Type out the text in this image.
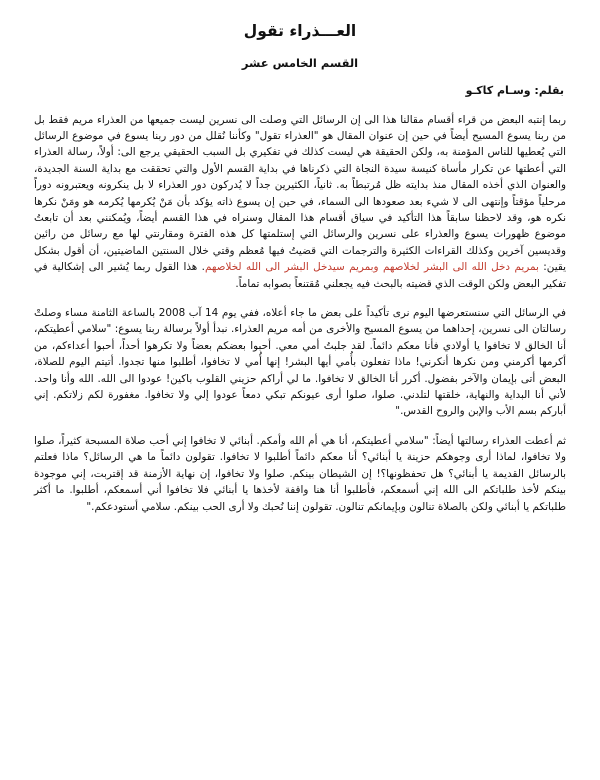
العـــذراء تقول
القسم الخامس عشر
بقلم: وسـام كاكـو

ربما إنتبه البعض من قراء أقسام مقالنا هذا الى إن الرسائل التي وصلت الى نسرين ليست جميعها من العذراء مريم فقط بل من ربنا يسوع المسيح أيضاً في حين إن عنوان المقال هو "العذراء تقول" وكأننا نُقلل من دور ربنا يسوع في موضوع الرسائل التي يُعطيها للناس المؤمنة به، ولكن الحقيقة هي ليست كذلك في تفكيري بل السبب الحقيقي يرجع الى: أولاً، رسالة العذراء التي أعطتها عن تكرار مأساة كنيسة سيدة النجاة التي ذكرناها في بداية القسم الأول والتي تحققت مع بداية السنة الجديدة، والعنوان الذي أخذه المقال منذ بدايته ظل مُرتبطاً به. ثانياً، الكثيرين جداً لا يُدركون دور العذراء لا بل ينكرونه ويعتبرونه دوراً مرحلياً مؤقتاً وإنتهى الى لا شيء بعد صعودها الى السماء، في حين إن يسوع ذاته يؤكد بأن مَنْ يُكرمها يُكرمه هو ومَنْ نكرها نكره هو، وقد لاحظنا سابقاً هذا التأكيد في سياق أقسام هذا المقال وسنراه في هذا القسم أيضاً، ويُمكنني بعد أن تابعتُ موضوع ظهورات يسوع والعذراء على نسرين والرسائل التي إستلمتها كل هذه الفترة ومقارنتي لها مع رسائل من رائين وقديسين آخرين وكذلك القراءات الكثيرة والترجمات التي قضيتُ فيها مُعظم وقتي خلال السنتين الماضيتين، أن أقول بشكل يقين: بمريم دخل الله الى البشر لخلاصهم وبمريم سيدخل البشر الى الله لخلاصهم. هذا القول ربما يُشير الى إشكالية في تفكير البعض ولكن الوقت الذي قضيته بالبحث فيه يجعلني مُقتنعاً بصوابه تماماً.

في الرسائل التي سنستعرضها اليوم نرى تأكيداً على بعض ما جاء أعلاه، ففي يوم 14 آب 2008 بالساعة الثامنة مساء وصلتْ رسالتان الى نسرين، إحداهما من يسوع المسيح والأخرى من أمه مريم العذراء. نبدأ أولاً برسالة ربنا يسوع: "سلامي أعطيتكم، أنا الخالق لا تخافوا يا أولادي فأنا معكم دائماً. لقد جلبتُ أمي معي. أحبوا بعضكم بعضاً ولا تكرهوا أحداً، أحبوا أعداءكم، من أكرمها أكرمني ومن نكرها أنكرني! ماذا تفعلون بأُمي أيها البشر! إنها أُمي لا تخافوا، أطلبوا منها تجدوا. أتيتم اليوم للصلاة، البعض أتى بإيمان والآخر بفضول. أكرر أنا الخالق لا تخافوا. ما لي أراكم حزيني القلوب باكين! عودوا الى الله. الله وأنا واحد. لأني أنا البداية والنهاية، خلقتها لتلدني. صلوا، صلوا أرى عيونكم تبكي دمعاً عودوا إلي ولا تخافوا. مغفورة لكم زلاتكم. إني أباركم بسم الأب والإبن والروح القدس."

ثم أعطت العذراء رسالتها أيضاً: "سلامي أعطيتكم، أنا هي أم الله وأمكم. أبنائي لا تخافوا إني أحب صلاة المسبحة كثيراً، صلوا ولا تخافوا، لماذا أرى وجوهكم حزينة يا أبنائي؟ أنا معكم دائماً أطلبوا لا تخافوا. تقولون دائماً ما هي الرسائل؟ ماذا فعلتم بالرسائل القديمة يا أبنائي؟ هل تحفظونها؟! إن الشيطان بينكم. صلوا ولا تخافوا، إن نهاية الأزمنة قد إقتربت، إني موجودة بينكم لأخذ طلباتكم الى الله إني أسمعكم، فأطلبوا أنا هنا واقفة لأخذها يا أبنائي فلا تخافوا أني أسمعكم، أطلبوا. ما أكثر طلباتكم يا أبنائي ولكن بالصلاة تنالون وبإيمانكم تنالون. تقولون إننا نُحبك ولا أرى الحب بينكم. سلامي أستودعكم."
